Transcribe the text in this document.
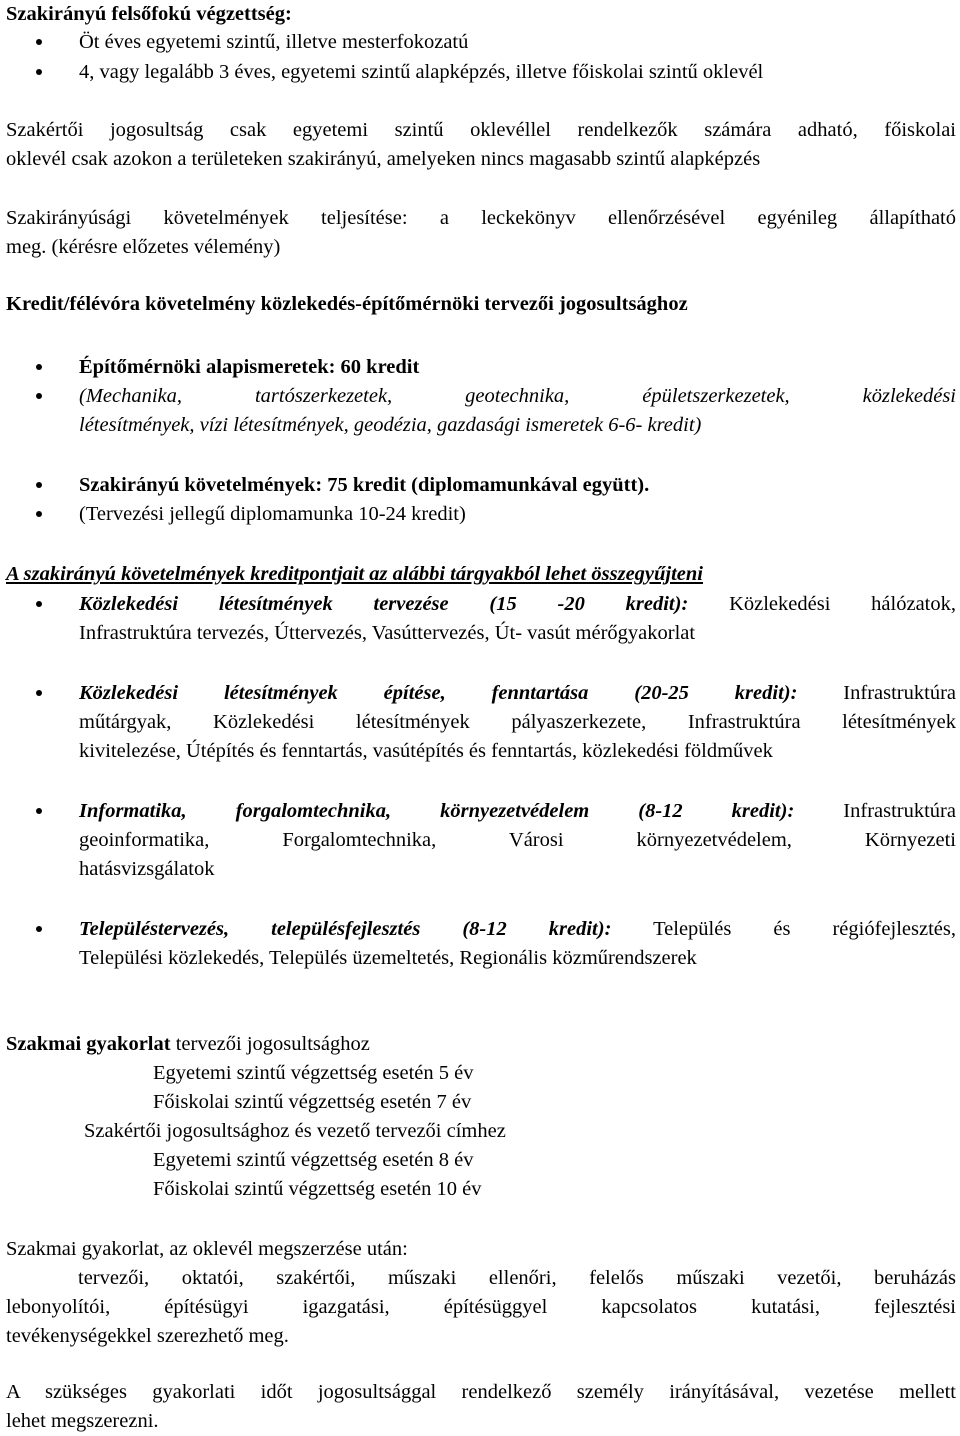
Szakirányú felsőfokú végzettség:

Öt éves egyetemi szintű, illetve mesterfokozatú

4, vagy legalább 3 éves, egyetemi szintű alapképzés, illetve főiskolai szintű oklevél

Szakértői jogosultság csak egyetemi szintű oklevéllel rendelkezők számára adható, főiskolai
oklevél csak azokon a területeken szakirányú, amelyeken nincs magasabb szintű alapképzés

Szakirányúsági követelmények teljesítése: a leckekönyv ellenőrzésével egyénileg állapítható
meg. (kérésre előzetes vélemény)

Kredit/félévóra követelmény közlekedés-építőmérnöki tervezői jogosultsághoz

Építőmérnöki alapismeretek: 60 kredit

(Mechanika, tartószerkezetek, geotechnika, épületszerkezetek, közlekedési
létesítmények, vízi létesítmények, geodézia, gazdasági ismeretek 6-6- kredit)

Szakirányú követelmények: 75 kredit (diplomamunkával együtt).

(Tervezési jellegű diplomamunka 10-24 kredit)

A szakirányú követelmények kreditpontjait az alábbi tárgyakból lehet összegyűjteni

Közlekedési létesítmények tervezése (15 -20 kredit): Közlekedési hálózatok,
Infrastruktúra tervezés, Úttervezés, Vasúttervezés, Út- vasút mérőgyakorlat

Közlekedési létesítmények építése, fenntartása (20-25 kredit): Infrastruktúra
műtárgyak, Közlekedési létesítmények pályaszerkezete, Infrastruktúra létesítmények
kivitelezése, Útépítés és fenntartás, vasútépítés és fenntartás, közlekedési földművek

Informatika, forgalomtechnika, környezetvédelem (8-12 kredit): Infrastruktúra
geoinformatika, Forgalomtechnika, Városi környezetvédelem, Környezeti
hatásvizsgálatok

Településtervezés, településfejlesztés (8-12 kredit): Település és régiófejlesztés,
Települési közlekedés, Település üzemeltetés, Regionális közműrendszerek

Szakmai gyakorlat tervezői jogosultsághoz

Egyetemi szintű végzettség esetén 5 év

Főiskolai szintű végzettség esetén 7 év

Szakértői jogosultsághoz és vezető tervezői címhez

Egyetemi szintű végzettség esetén 8 év

Főiskolai szintű végzettség esetén 10 év

Szakmai gyakorlat, az oklevél megszerzése után:

tervezői, oktatói, szakértői, műszaki ellenőri, felelős műszaki vezetői, beruházás
lebonyolítói, építésügyi igazgatási, építésüggyel kapcsolatos kutatási, fejlesztési
tevékenységekkel szerezhető meg.

A szükséges gyakorlati időt jogosultsággal rendelkező személy irányításával, vezetése mellett
lehet megszerezni.
